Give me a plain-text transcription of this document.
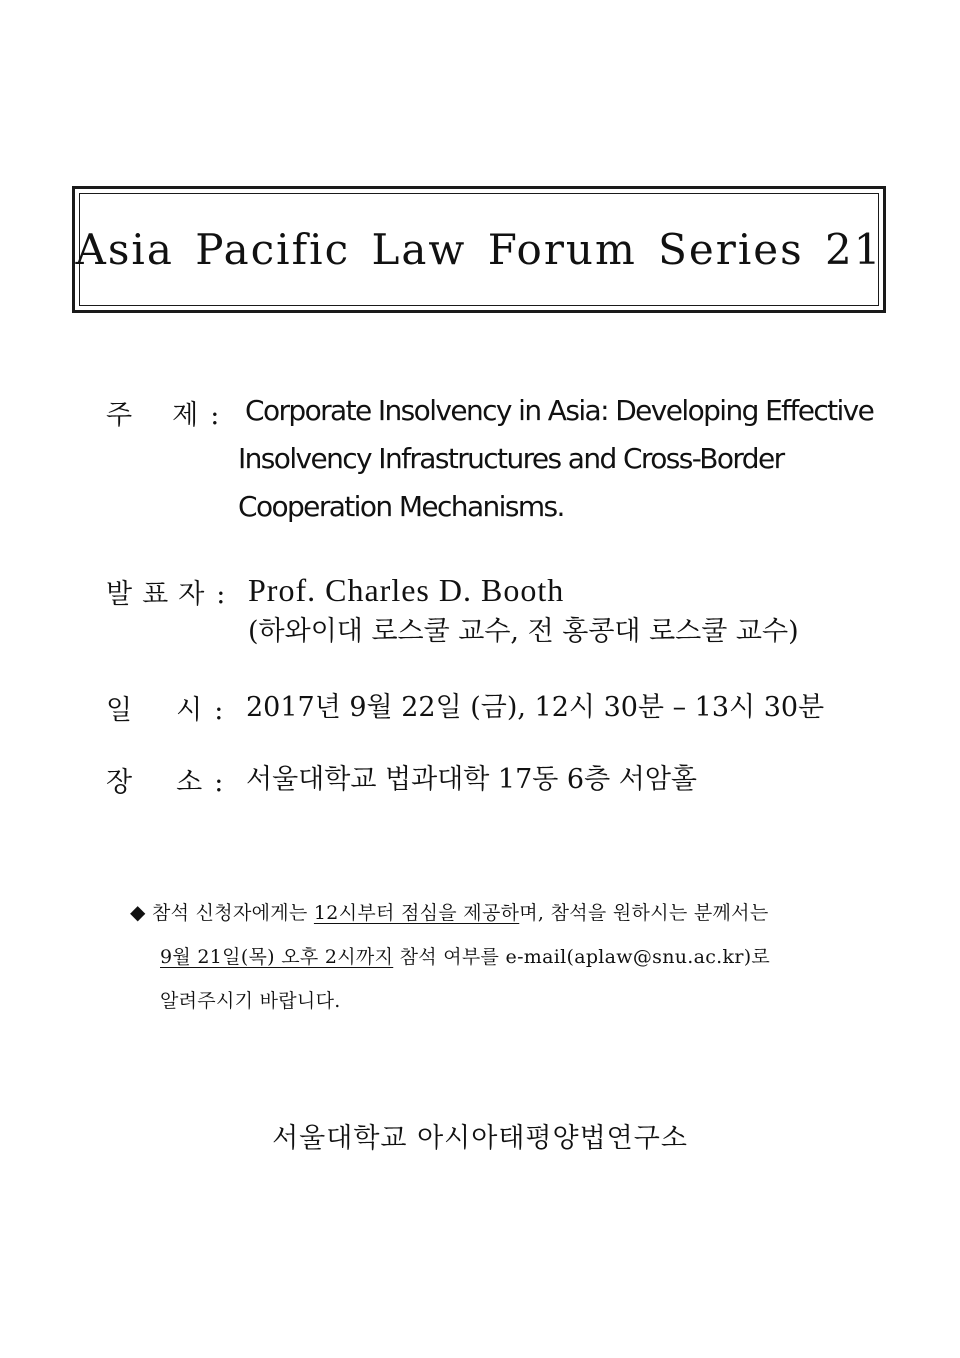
Asia Pacific Law Forum Series 21
주 제 : Corporate Insolvency in Asia: Developing Effective
Insolvency Infrastructures and Cross-Border
Cooperation Mechanisms.
발 표 자 : Prof. Charles D. Booth
(하와이대 로스쿨 교수, 전 홍콩대 로스쿨 교수)
일 시 : 2017년 9월 22일 (금), 12시 30분 – 13시 30분
장 소 : 서울대학교 법과대학 17동 6층 서암홀
◆ 참석 신청자에게는 12시부터 점심을 제공하며, 참석을 원하시는 분께서는
9월 21일(목) 오후 2시까지 참석 여부를 e-mail(aplaw@snu.ac.kr)로
알려주시기 바랍니다.
서울대학교 아시아태평양법연구소
